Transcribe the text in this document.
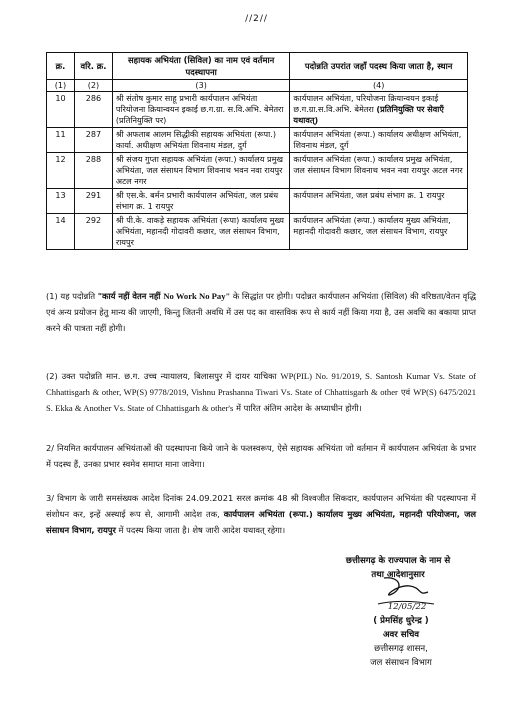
//2//
क्र.	वरि. क्र.	सहायक अभियंता (सिविल) का नाम एवं वर्तमान पदस्थापना	पदोन्नति उपरांत जहाँ पदस्थ किया जाता है, स्थान
(1)	(2)	(3)	(4)
10	286	श्री संतोष कुमार साहू प्रभारी कार्यपालन अभियंता परियोजना क्रियान्वयन इकाई छ.ग.ग्रा. स.वि.अभि. बेमेतरा (प्रतिनियुक्ति पर)	कार्यपालन अभियंता, परियोजना क्रियान्वयन इकाई छ.ग.ग्रा.स.वि.अभि. बेमेतरा (प्रतिनियुक्ति पर सेवाएँ यथावत्)
11	287	श्री अफताब आलम सिद्धीकी सहायक अभियंता (रूपा.) कार्या. अधीक्षण अभियंता शिवनाथ मंडल, दुर्ग	कार्यपालन अभियंता (रूपा.) कार्यालय अधीक्षण अभियंता, शिवनाथ मंडल, दुर्ग
12	288	श्री संजय गुप्ता सहायक अभियंता (रूपा.) कार्यालय प्रमुख अभियंता, जल संसाधन विभाग शिवनाथ भवन नवा रायपुर अटल नगर	कार्यपालन अभियंता (रूपा.) कार्यालय प्रमुख अभियंता, जल संसाधन विभाग शिवनाथ भवन नवा रायपुर अटल नगर
13	291	श्री एस.के. बर्मन प्रभारी कार्यपालन अभियंता, जल प्रबंध संभाग क्र. 1 रायपुर	कार्यपालन अभियंता, जल प्रबंध संभाग क्र. 1 रायपुर
14	292	श्री पी.के. वाकड़े सहायक अभियंता (रूपा) कार्यालय मुख्य अभियंता, महानदी गोदावरी कछार, जल संसाधन विभाग, रायपुर	कार्यपालन अभियंता (रूपा.) कार्यालय मुख्य अभियंता, महानदी गोदावरी कछार, जल संसाधन विभाग, रायपुर
(1) यह पदोन्नति "कार्य नहीं वेतन नहीं No Work No Pay" के सिद्धांत पर होगी। पदोन्नत कार्यपालन अभियंता (सिविल) की वरिष्ठता/वेतन वृद्धि एवं अन्य प्रयोजन हेतु मान्य की जाएगी, किन्तु जितनी अवधि में उस पद का वास्तविक रूप से कार्य नहीं किया गया है, उस अवधि का बकाया प्राप्त करने की पात्रता नहीं होगी।
(2) उक्त पदोन्नति मान. छ.ग. उच्च न्यायालय, बिलासपुर में दायर याचिका WP(PIL) No. 91/2019, S. Santosh Kumar Vs. State of Chhattisgarh & other, WP(S) 9778/2019, Vishnu Prashanna Tiwari Vs. State of Chhattisgarh & other एवं WP(S) 6475/2021 S. Ekka & Another Vs. State of Chhattisgarh & other's में पारित अंतिम आदेश के अध्याधीन होगी।
2/ नियमित कार्यपालन अभियंताओं की पदस्थापना किये जाने के फलस्वरूप, ऐसे सहायक अभियंता जो वर्तमान में कार्यपालन अभियंता के प्रभार में पदस्थ हैं, उनका प्रभार स्वमेव समाप्त माना जावेगा।
3/ विभाग के जारी समसंख्यक आदेश दिनांक 24.09.2021 सरल क्रमांक 48 श्री विश्वजीत सिकदार, कार्यपालन अभियंता की पदस्थापना में संशोधन कर, इन्हें अस्थाई रूप से, आगामी आदेश तक, कार्यपालन अभियंता (रूपा.) कार्यालय मुख्य अभियंता, महानदी परियोजना, जल संसाधन विभाग, रायपुर में पदस्थ किया जाता है। शेष जारी आदेश यथावत् रहेगा।
छत्तीसगढ़ के राज्यपाल के नाम से
तथा आदेशानुसार
12/05/22
( प्रेमसिंह धुरेन्द्र )
अवर सचिव
छत्तीसगढ़ शासन,
जल संसाधन विभाग
